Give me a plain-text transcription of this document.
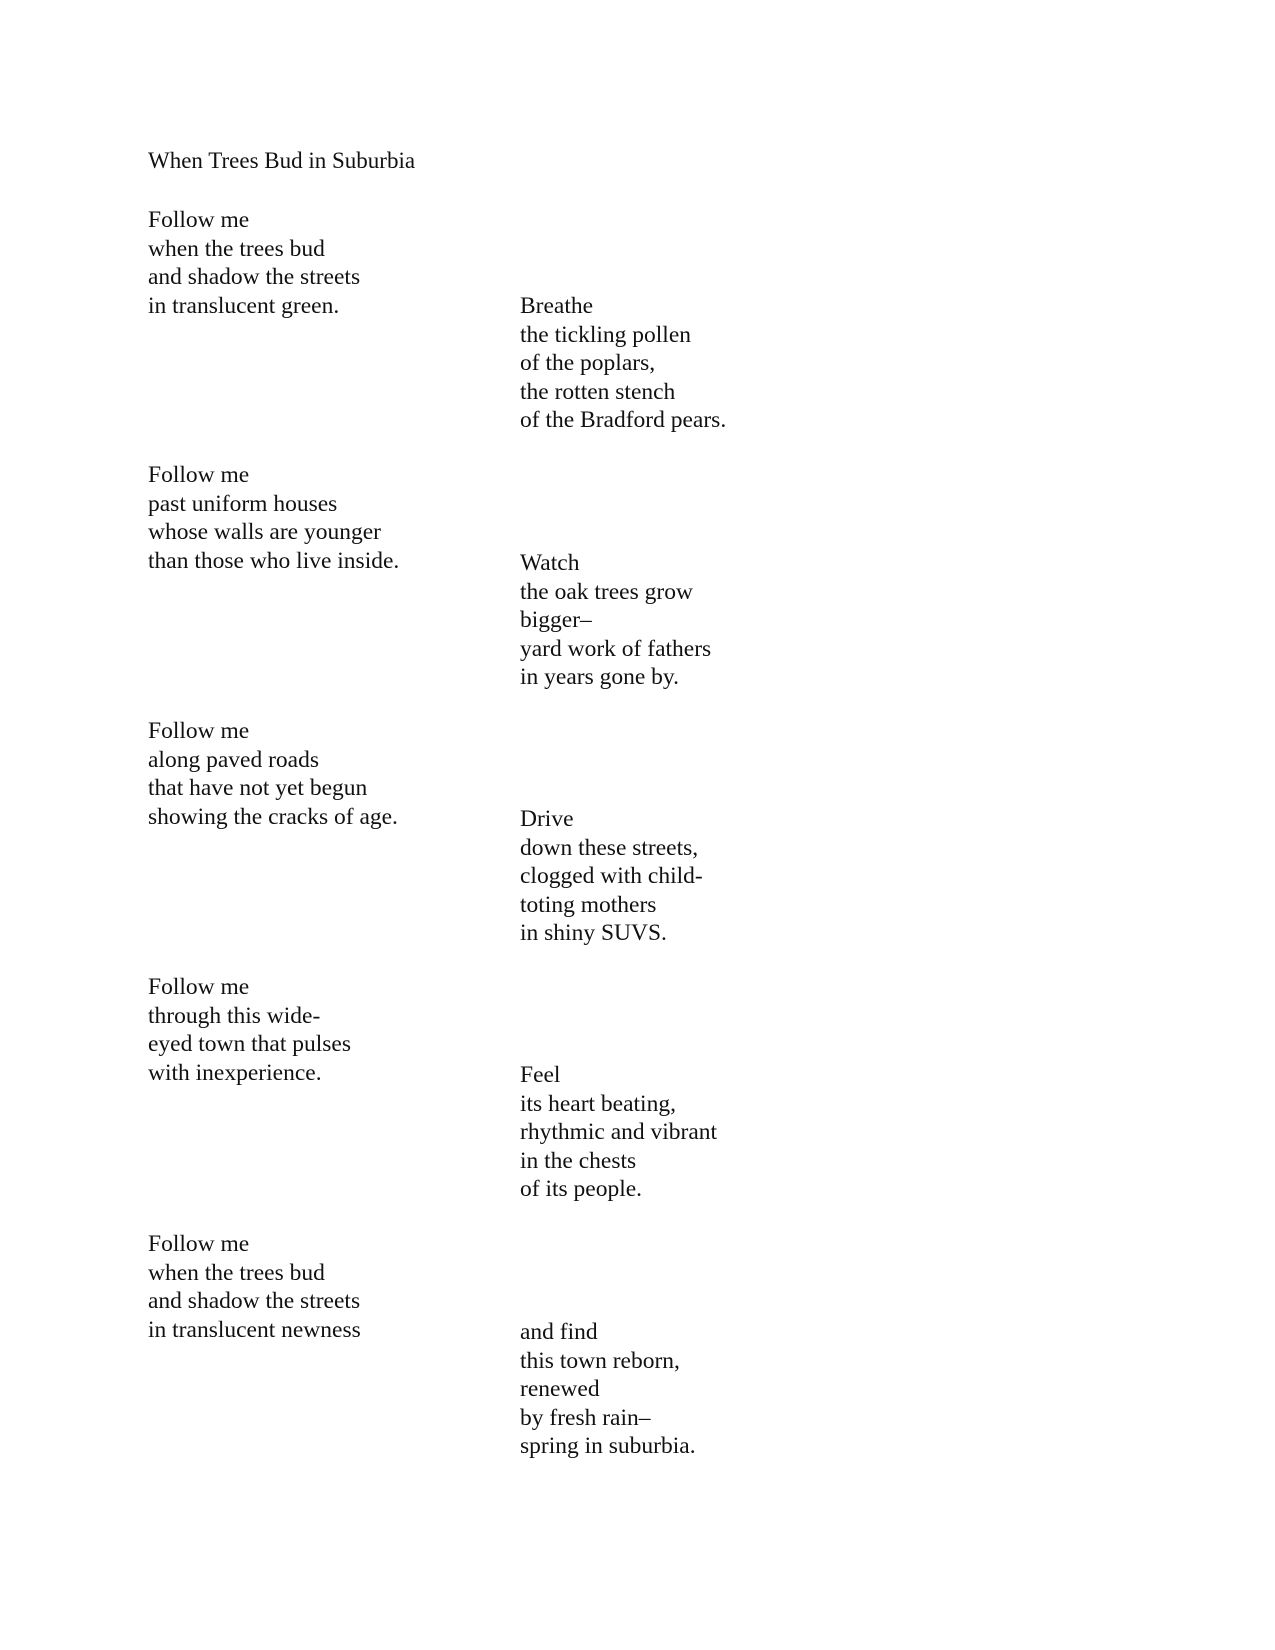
When Trees Bud in Suburbia
Follow me
when the trees bud
and shadow the streets
in translucent green.
Follow me
past uniform houses
whose walls are younger
than those who live inside.
Follow me
along paved roads
that have not yet begun
showing the cracks of age.
Follow me
through this wide-
eyed town that pulses
with inexperience.
Follow me
when the trees bud
and shadow the streets
in translucent newness
Breathe
the tickling pollen
of the poplars,
the rotten stench
of the Bradford pears.
Watch
the oak trees grow
bigger–
yard work of fathers
in years gone by.
Drive
down these streets,
clogged with child-
toting mothers
in shiny SUVS.
Feel
its heart beating,
rhythmic and vibrant
in the chests
of its people.
and find
this town reborn,
renewed
by fresh rain–
spring in suburbia.
